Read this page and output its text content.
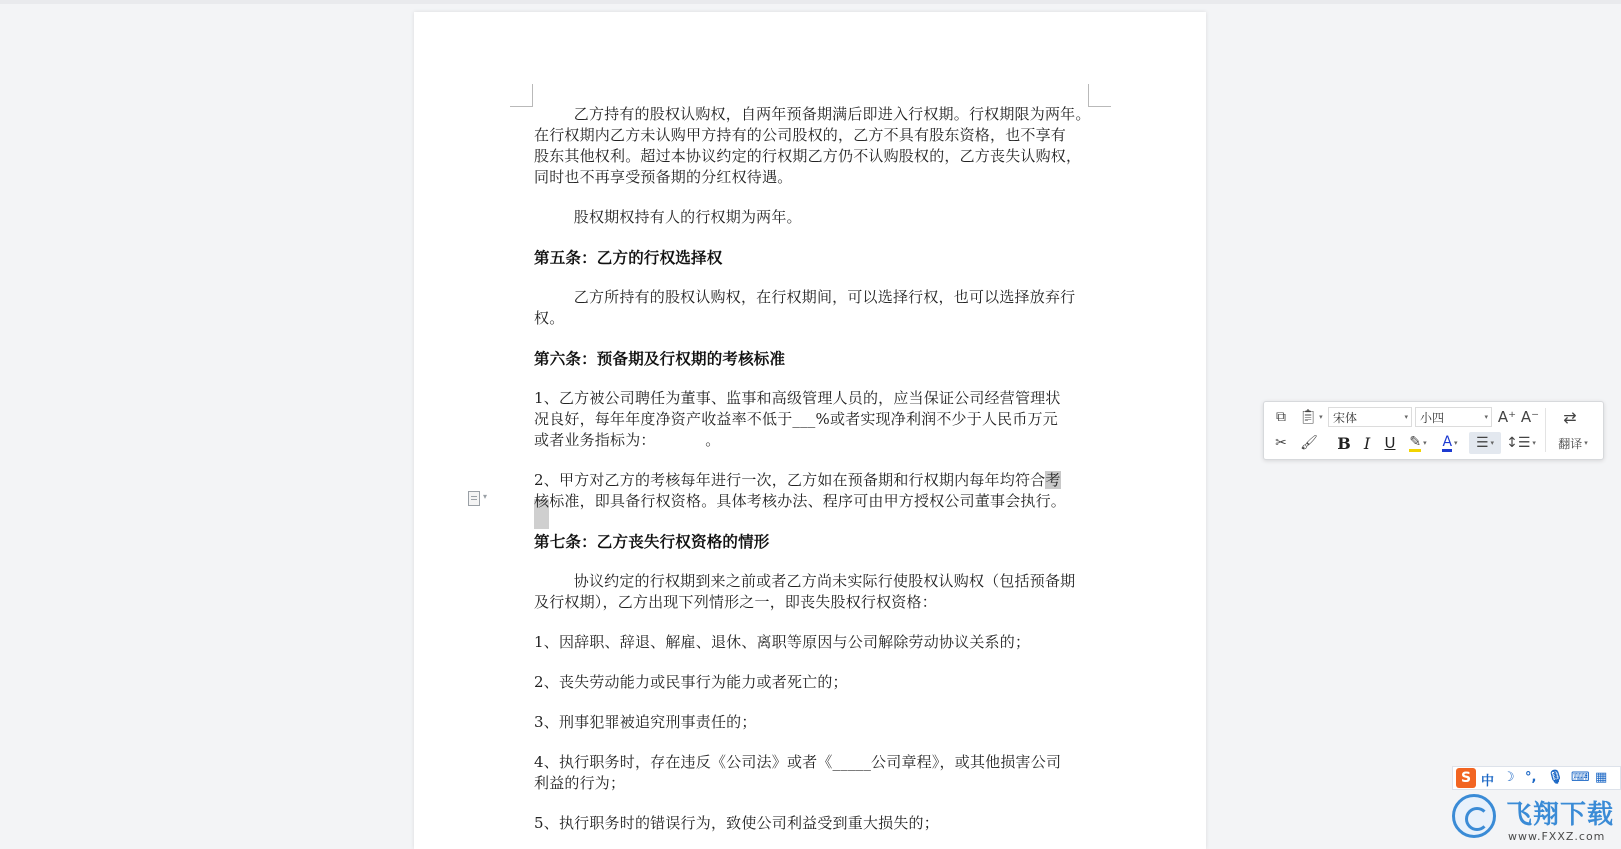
乙方持有的股权认购权，自两年预备期满后即进入行权期。行权期限为两年。
在行权期内乙方未认购甲方持有的公司股权的，乙方不具有股东资格，也不享有
股东其他权利。超过本协议约定的行权期乙方仍不认购股权的，乙方丧失认购权，
同时也不再享受预备期的分红权待遇。
股权期权持有人的行权期为两年。
第五条：乙方的行权选择权
乙方所持有的股权认购权，在行权期间，可以选择行权，也可以选择放弃行
权。
第六条：预备期及行权期的考核标准
1、乙方被公司聘任为董事、监事和高级管理人员的，应当保证公司经营管理状
况良好，每年年度净资产收益率不低于___%或者实现净利润不少于人民币万元
或者业务指标为：          。
2、甲方对乙方的考核每年进行一次，乙方如在预备期和行权期内每年均符合考
核标准，即具备行权资格。具体考核办法、程序可由甲方授权公司董事会执行。
第七条：乙方丧失行权资格的情形
协议约定的行权期到来之前或者乙方尚未实际行使股权认购权（包括预备期
及行权期），乙方出现下列情形之一，即丧失股权行权资格：
1、因辞职、辞退、解雇、退休、离职等原因与公司解除劳动协议关系的；
2、丧失劳动能力或民事行为能力或者死亡的；
3、刑事犯罪被追究刑事责任的；
4、执行职务时，存在违反《公司法》或者《_____公司章程》，或其他损害公司
利益的行为；
5、执行职务时的错误行为，致使公司利益受到重大损失的；
▾
⧉ 📋︎ ▾ 宋体	▾ 小四	▾ A⁺ A⁻ ⇄
✂ 🖌︎ B I U ✎ ▾ A ▾ ☰ ▾ ↕☰ ▾ 翻译 ▾
S 中 ☽ °, 🎙︎ ⌨ ▦
飞翔下载
www.FXXZ.com
